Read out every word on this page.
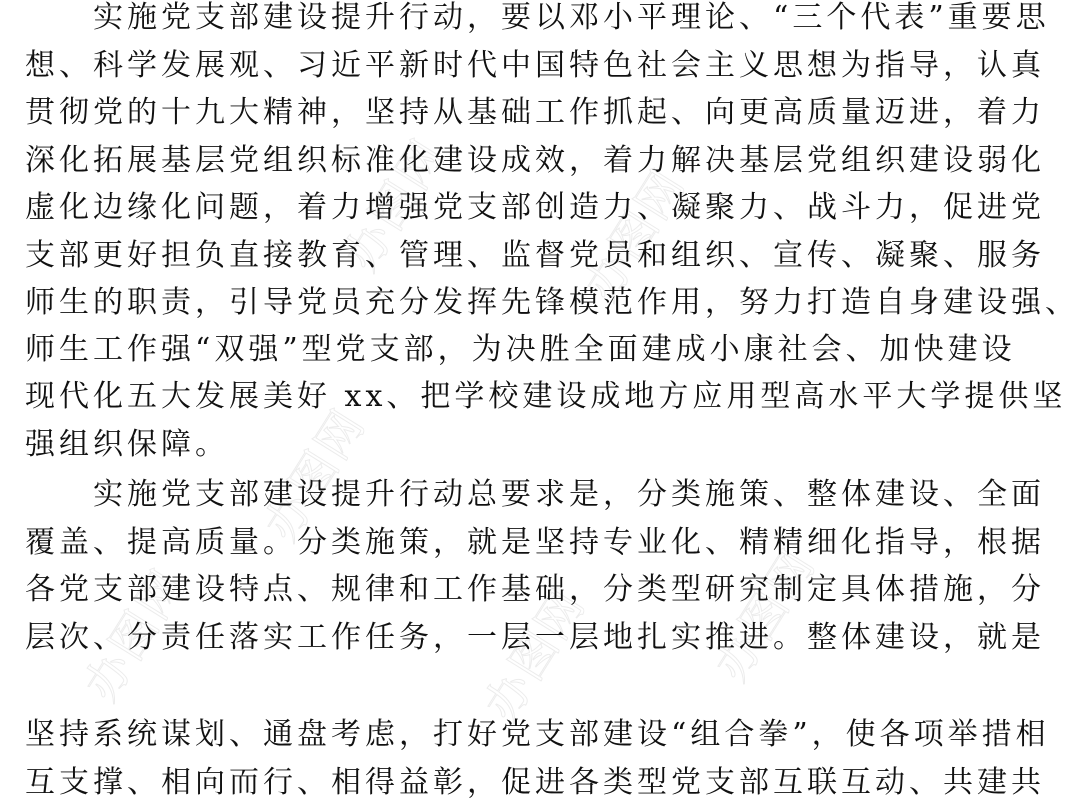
办图网	办图网
办图网
办图网	办图网 办图网
实施党支部建设提升行动，要以邓小平理论、“三个代表”重要思
想、科学发展观、习近平新时代中国特色社会主义思想为指导，认真
贯彻党的十九大精神，坚持从基础工作抓起、向更高质量迈进，着力
深化拓展基层党组织标准化建设成效，着力解决基层党组织建设弱化
虚化边缘化问题，着力增强党支部创造力、凝聚力、战斗力，促进党
支部更好担负直接教育、管理、监督党员和组织、宣传、凝聚、服务
师生的职责，引导党员充分发挥先锋模范作用，努力打造自身建设强、
师生工作强“双强”型党支部，为决胜全面建成小康社会、加快建设
现代化五大发展美好 xx、把学校建设成地方应用型高水平大学提供坚
强组织保障。
实施党支部建设提升行动总要求是，分类施策、整体建设、全面
覆盖、提高质量。分类施策，就是坚持专业化、精精细化指导，根据
各党支部建设特点、规律和工作基础，分类型研究制定具体措施，分
层次、分责任落实工作任务，一层一层地扎实推进。整体建设，就是
坚持系统谋划、通盘考虑，打好党支部建设“组合拳”，使各项举措相
互支撑、相向而行、相得益彰，促进各类型党支部互联互动、共建共
